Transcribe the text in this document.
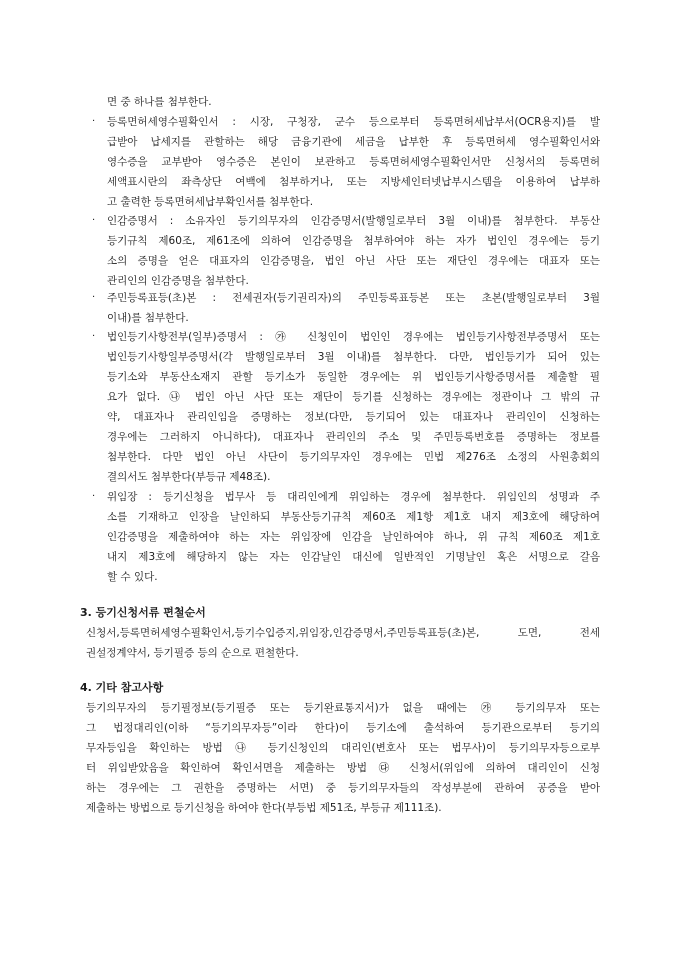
면 중 하나를 첨부한다.
· 등록면허세영수필확인서 : 시장, 구청장, 군수 등으로부터 등록면허세납부서(OCR용지)를 발
급받아 납세지를 관할하는 해당 금융기관에 세금을 납부한 후 등록면허세 영수필확인서와
영수증을 교부받아 영수증은 본인이 보관하고 등록면허세영수필확인서만 신청서의 등록면허
세액표시란의 좌측상단 여백에 첨부하거나, 또는 지방세인터넷납부시스템을 이용하여 납부하
고 출력한 등록면허세납부확인서를 첨부한다.
· 인감증명서 : 소유자인 등기의무자의 인감증명서(발행일로부터 3월 이내)를 첨부한다. 부동산
등기규칙 제60조, 제61조에 의하여 인감증명을 첨부하여야 하는 자가 법인인 경우에는 등기
소의 증명을 얻은 대표자의 인감증명을, 법인 아닌 사단 또는 재단인 경우에는 대표자 또는
관리인의 인감증명을 첨부한다.
· 주민등록표등(초)본 : 전세권자(등기권리자)의 주민등록표등본 또는 초본(발행일로부터 3월
이내)를 첨부한다.
· 법인등기사항전부(일부)증명서 : ㉮ 신청인이 법인인 경우에는 법인등기사항전부증명서 또는
법인등기사항일부증명서(각 발행일로부터 3월 이내)를 첨부한다. 다만, 법인등기가 되어 있는
등기소와 부동산소재지 관할 등기소가 동일한 경우에는 위 법인등기사항증명서를 제출할 필
요가 없다. ㉯ 법인 아닌 사단 또는 재단이 등기를 신청하는 경우에는 정관이나 그 밖의 규
약, 대표자나 관리인임을 증명하는 정보(다만, 등기되어 있는 대표자나 관리인이 신청하는
경우에는 그러하지 아니하다), 대표자나 관리인의 주소 및 주민등록번호를 증명하는 정보를
첨부한다. 다만 법인 아닌 사단이 등기의무자인 경우에는 민법 제276조 소정의 사원총회의
결의서도 첨부한다(부등규 제48조).
· 위임장 : 등기신청을 법무사 등 대리인에게 위임하는 경우에 첨부한다. 위임인의 성명과 주
소를 기재하고 인장을 날인하되 부동산등기규칙 제60조 제1항 제1호 내지 제3호에 해당하여
인감증명을 제출하여야 하는 자는 위임장에 인감을 날인하여야 하나, 위 규칙 제60조 제1호
내지 제3호에 해당하지 않는 자는 인감날인 대신에 일반적인 기명날인 혹은 서명으로 갈음
할 수 있다.
3. 등기신청서류 편철순서
신청서,등록면허세영수필확인서,등기수입증지,위임장,인감증명서,주민등록표등(초)본, 도면, 전세
권설정계약서, 등기필증 등의 순으로 편철한다.
4. 기타 참고사항
등기의무자의 등기필정보(등기필증 또는 등기완료통지서)가 없을 때에는 ㉮ 등기의무자 또는
그 법정대리인(이하 “등기의무자등”이라 한다)이 등기소에 출석하여 등기관으로부터 등기의
무자등임을 확인하는 방법 ㉯ 등기신청인의 대리인(변호사 또는 법무사)이 등기의무자등으로부
터 위임받았음을 확인하여 확인서면을 제출하는 방법 ㉰ 신청서(위임에 의하여 대리인이 신청
하는 경우에는 그 권한을 증명하는 서면) 중 등기의무자들의 작성부분에 관하여 공증을 받아
제출하는 방법으로 등기신청을 하여야 한다(부등법 제51조, 부등규 제111조).
